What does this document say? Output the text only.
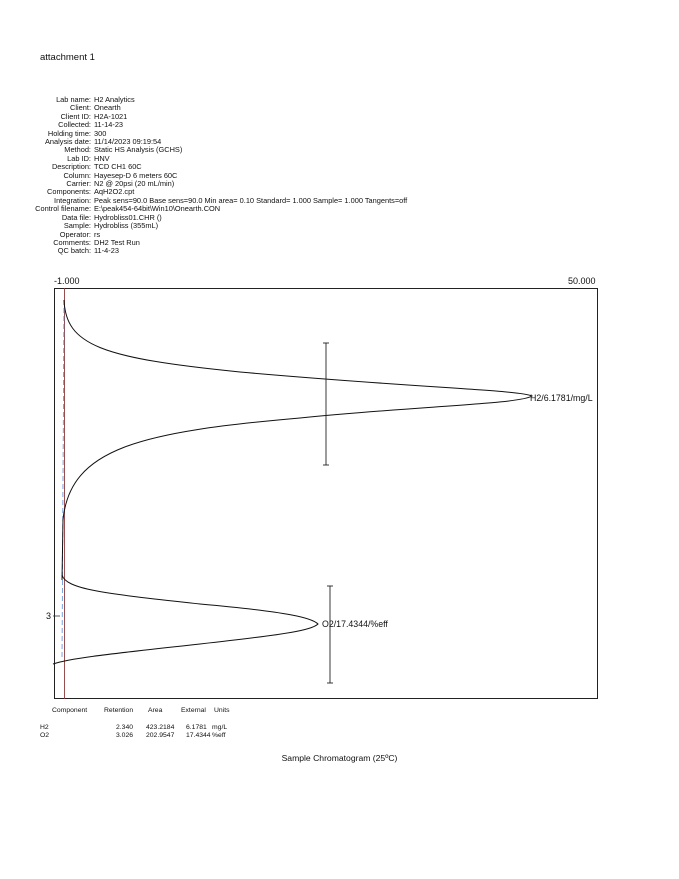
attachment 1
Lab name: H2 Analytics
Client: Onearth
Client ID: H2A-1021
Collected: 11-14-23
Holding time: 300
Analysis date: 11/14/2023 09:19:54
Method: Static HS Analysis (GCHS)
Lab ID: HNV
Description: TCD CH1 60C
Column: Hayesep-D 6 meters 60C
Carrier: N2 @ 20psi (20 mL/min)
Components: AqH2O2.cpt
Integration: Peak sens=90.0 Base sens=90.0 Min area= 0.10 Standard= 1.000 Sample= 1.000 Tangents=off
Control filename: E:\peak454-64bit\Win10\Onearth.CON
Data file: Hydrobliss01.CHR ()
Sample: Hydrobliss (355mL)
Operator: rs
Comments: DH2 Test Run
QC batch: 11-4-23
-1.000	50.000
H2/6.1781/mg/L
O2/17.4344/%eff
3
Component Retention Area	External Units
H2	2.340 423.2184 6.1781 mg/L
O2	3.026 202.9547 17.4344 %eff
Sample Chromatogram (25ºC)
